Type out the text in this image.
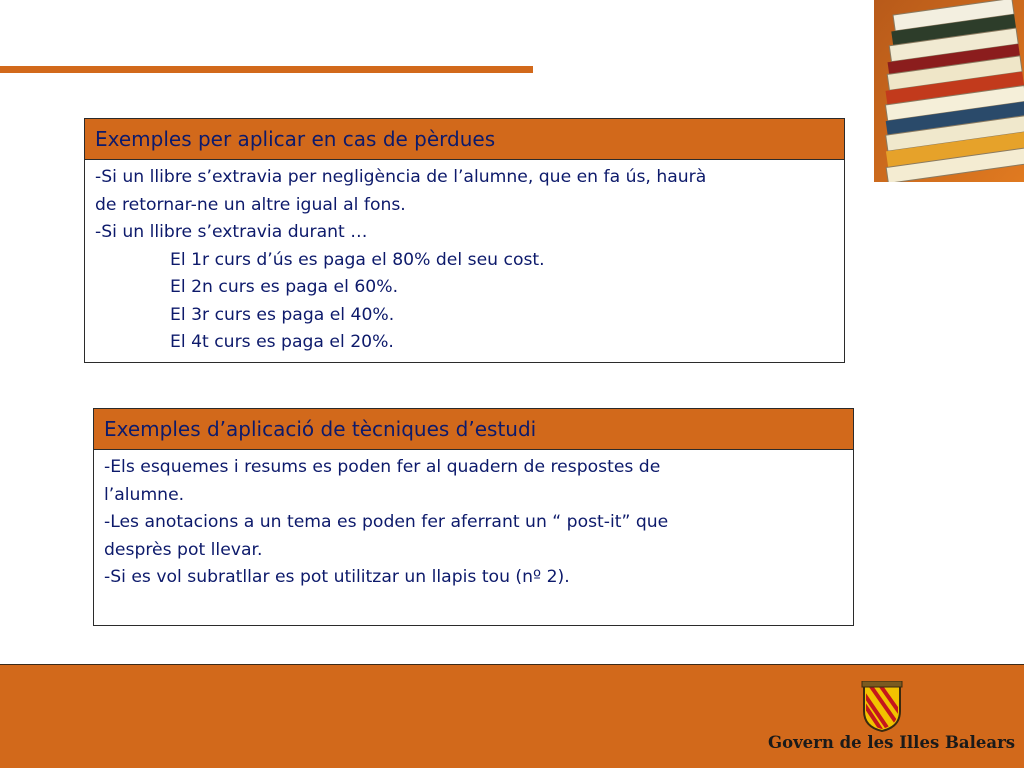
Exemples per aplicar en cas de pèrdues
-Si un llibre s’extravia per negligència de l’alumne, que en fa ús, haurà
de retornar-ne un altre igual al fons.
-Si un llibre s’extravia durant …
El 1r curs d’ús es paga el 80% del seu cost.
El 2n curs es paga el 60%.
El 3r curs es paga el 40%.
El 4t curs es paga el 20%.
Exemples d’aplicació de tècniques d’estudi
-Els esquemes i resums es poden fer al quadern de respostes de
l’alumne.
-Les anotacions a un tema es poden fer aferrant un “ post-it” que
desprès pot llevar.
-Si es vol subratllar es pot utilitzar un llapis tou (nº 2).
Govern de les Illes Balears
